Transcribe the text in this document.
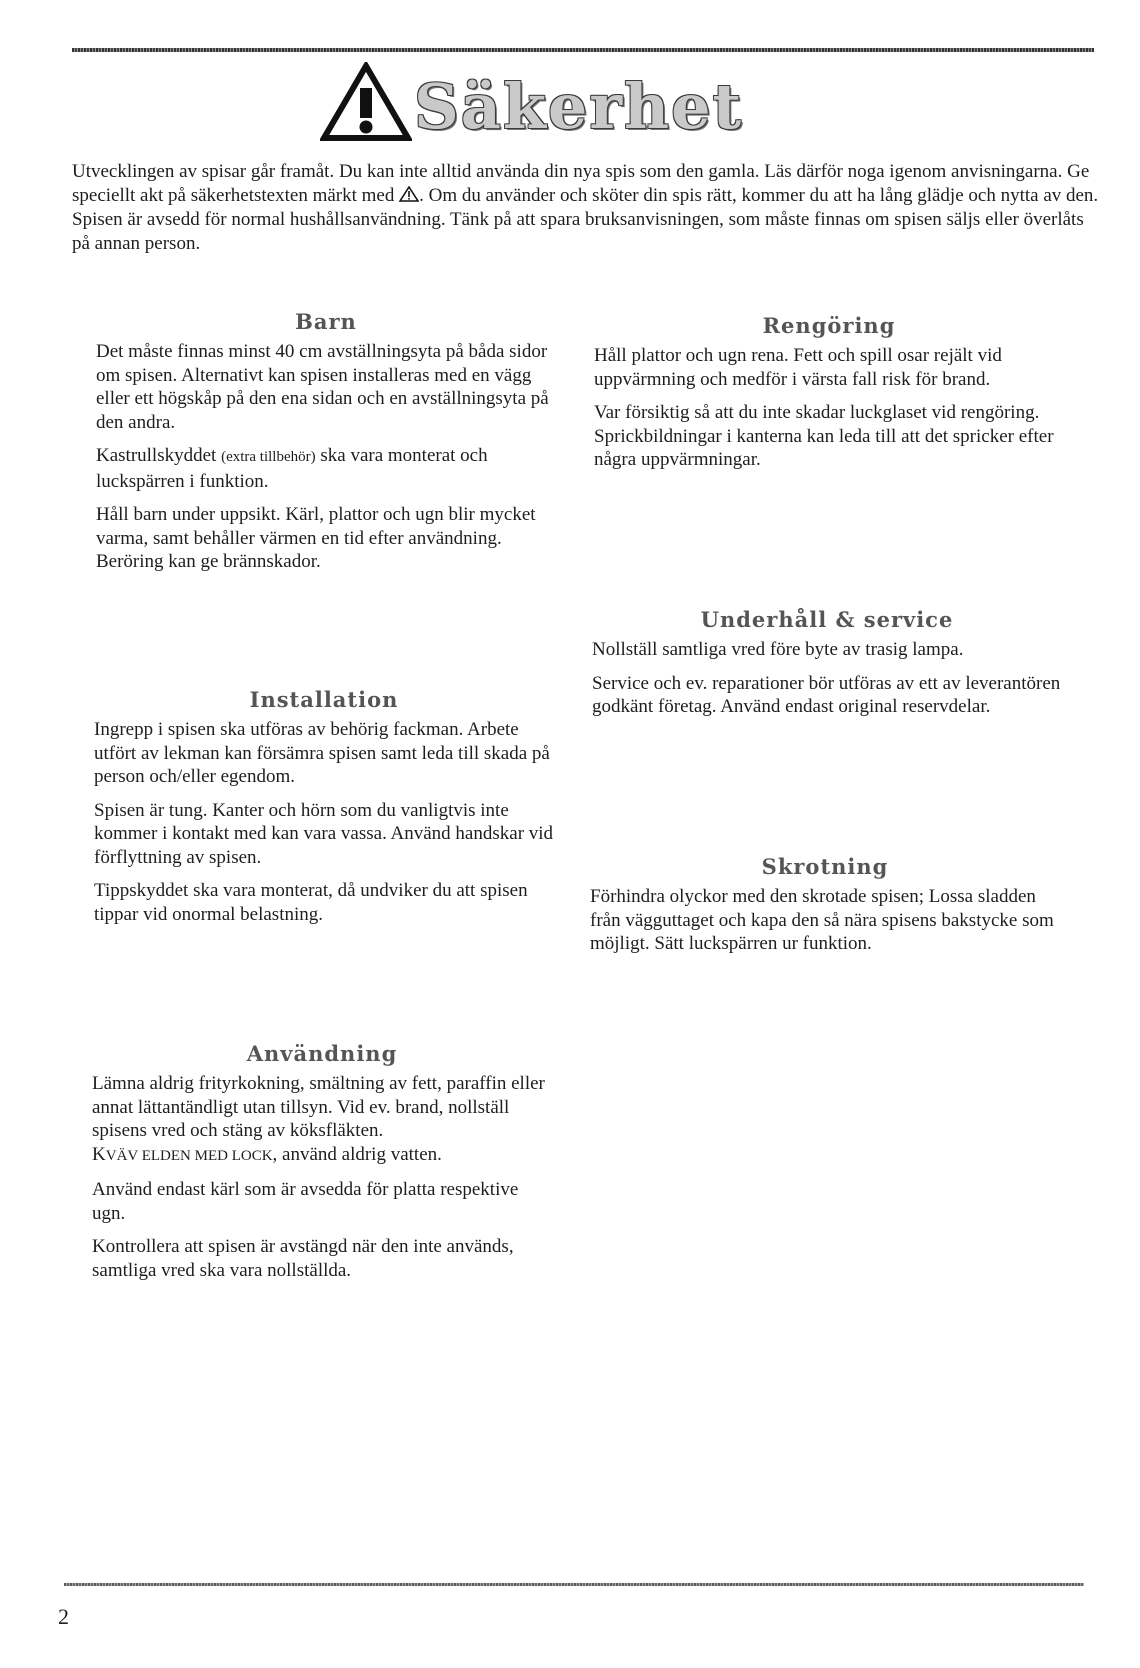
Säkerhet

Utvecklingen av spisar går framåt. Du kan inte alltid använda din nya spis som den gamla. Läs därför noga igenom anvisningarna. Ge speciellt akt på säkerhetstexten märkt med . Om du använder och sköter din spis rätt, kommer du att ha lång glädje och nytta av den. Spisen är avsedd för normal hushållsanvändning. Tänk på att spara bruksanvisningen, som måste finnas om spisen säljs eller överlåts på annan person.

Barn

Det måste finnas minst 40 cm avställningsyta på båda sidor om spisen. Alternativt kan spisen installeras med en vägg eller ett högskåp på den ena sidan och en avställningsyta på den andra.

Kastrullskyddet (extra tillbehör) ska vara monterat och luckspärren i funktion.

Håll barn under uppsikt. Kärl, plattor och ugn blir mycket varma, samt behåller värmen en tid efter användning. Beröring kan ge brännskador.

Installation

Ingrepp i spisen ska utföras av behörig fackman. Arbete utfört av lekman kan försämra spisen samt leda till skada på person och/eller egendom.

Spisen är tung. Kanter och hörn som du vanligtvis inte kommer i kontakt med kan vara vassa. Använd handskar vid förflyttning av spisen.

Tippskyddet ska vara monterat, då undviker du att spisen tippar vid onormal belastning.

Användning

Lämna aldrig frityrkokning, smältning av fett, paraffin eller annat lättantändligt utan tillsyn. Vid ev. brand, nollställ spisens vred och stäng av köksfläkten.
KVÄV ELDEN MED LOCK, använd aldrig vatten.

Använd endast kärl som är avsedda för platta respektive ugn.

Kontrollera att spisen är avstängd när den inte används, samtliga vred ska vara nollställda.

Rengöring

Håll plattor och ugn rena. Fett och spill osar rejält vid uppvärmning och medför i värsta fall risk för brand.

Var försiktig så att du inte skadar luckglaset vid rengöring. Sprickbildningar i kanterna kan leda till att det spricker efter några uppvärmningar.

Underhåll & service

Nollställ samtliga vred före byte av trasig lampa.

Service och ev. reparationer bör utföras av ett av leverantören godkänt företag. Använd endast original reservdelar.

Skrotning

Förhindra olyckor med den skrotade spisen; Lossa sladden från vägguttaget och kapa den så nära spisens bakstycke som möjligt. Sätt luckspärren ur funktion.

2
